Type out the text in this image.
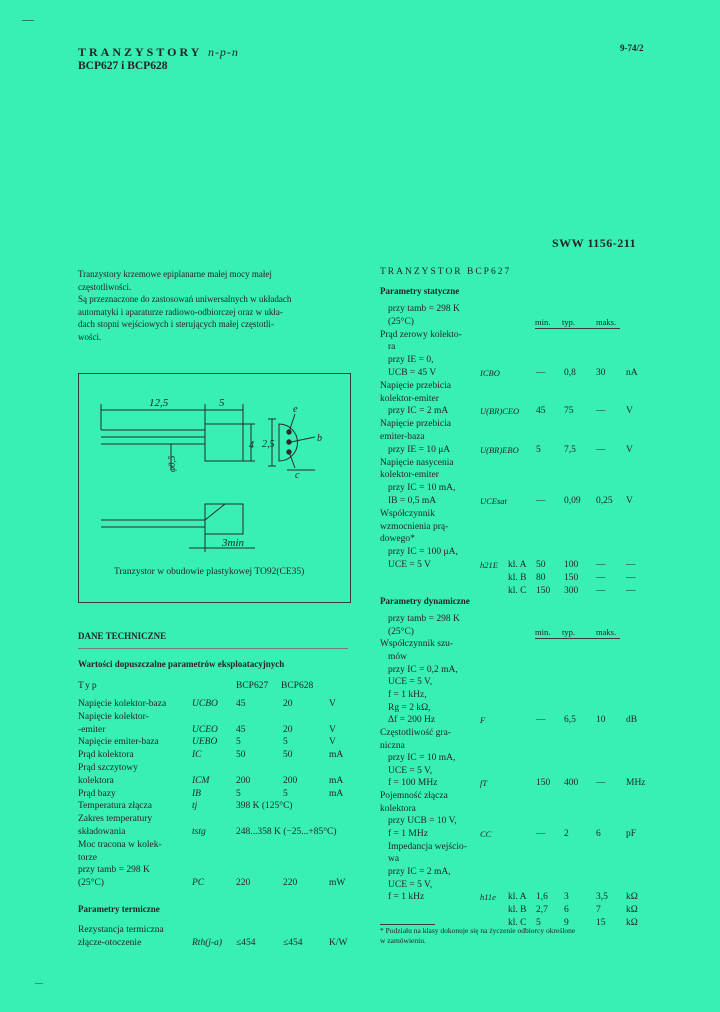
—
TRANZYSTORY n-p-n
BCP627 i BCP628
9-74/2
SWW 1156-211
Tranzystory krzemowe epiplanarne małej mocy małej
częstotliwości.
Są przeznaczone do zastosowań uniwersalnych w układach
automatyki i aparaturze radiowo-odbiorczej oraz w ukła-
dach stopni wejściowych i sterujących małej częstotli-
wości.
12,5	5
4 2,5
φ0,5
e
b
c
3min
Tranzystor w obudowie plastykowej TO92(CE35)
DANE TECHNICZNE
Wartości dopuszczalne parametrów eksploatacyjnych
Typ	BCP627 BCP628
Napięcie kolektor-baza	UCBO 45	20	V
Napięcie kolektor-
-emiter	UCEO 45	20	V
Napięcie emiter-baza	UEBO 5	5	V
Prąd kolektora	IC	50	50	mA
Prąd szczytowy
kolektora	ICM	200	200	mA
Prąd bazy	IB	5	5	mA
Temperatura złącza	tj	398 K (125°C)
Zakres temperatury
składowania	tstg	248...358 K (−25...+85°C)
Moc tracona w kolek-
torze
przy tamb = 298 K
(25°C)	PC	220	220	mW
Parametry termiczne
Rezystancja termiczna
złącze-otoczenie	Rth(j-a) ≤454	≤454	K/W
TRANZYSTOR BCP627
Parametry statyczne
min. typ. maks.
przy tamb = 298 K
(25°C)
Prąd zerowy kolekto-
ra
przy IE = 0,
UCB = 45 V	ICBO	— 0,8 30 nA
Napięcie przebicia
kolektor-emiter
przy IC = 2 mA	U(BR)CEO 45 75 — V
Napięcie przebicia
emiter-baza
przy IE = 10 μA	U(BR)EBO 5 7,5 — V
Napięcie nasycenia
kolektor-emiter
przy IC = 10 mA,
IB = 0,5 mA	UCEsat	— 0,09 0,25 V
Współczynnik
wzmocnienia prą-
dowego*
przy IC = 100 μA,
UCE = 5 V	h21E kl. A 50 100 — —
kl. B 80 150 — —
kl. C 150 300 — —
Parametry dynamiczne
min. typ. maks.
przy tamb = 298 K
(25°C)
Współczynnik szu-
mów
przy IC = 0,2 mA,
UCE = 5 V,
f = 1 kHz,
Rg = 2 kΩ,
Δf = 200 Hz	F	— 6,5 10 dB
Częstotliwość gra-
niczna
przy IC = 10 mA,
UCE = 5 V,
f = 100 MHz	fT	150 400 — MHz
Pojemność złącza
kolektora
przy UCB = 10 V,
f = 1 MHz	CC	— 2	6	pF
Impedancja wejścio-
wa
przy IC = 2 mA,
UCE = 5 V,
f = 1 kHz	h11e kl. A 1,6 3	3,5 kΩ
kl. B 2,7 6	7	kΩ
kl. C 5 9	15 kΩ
* Podziału na klasy dokonuje się na życzenie odbiorcy określone
w zamówieniu.
—
